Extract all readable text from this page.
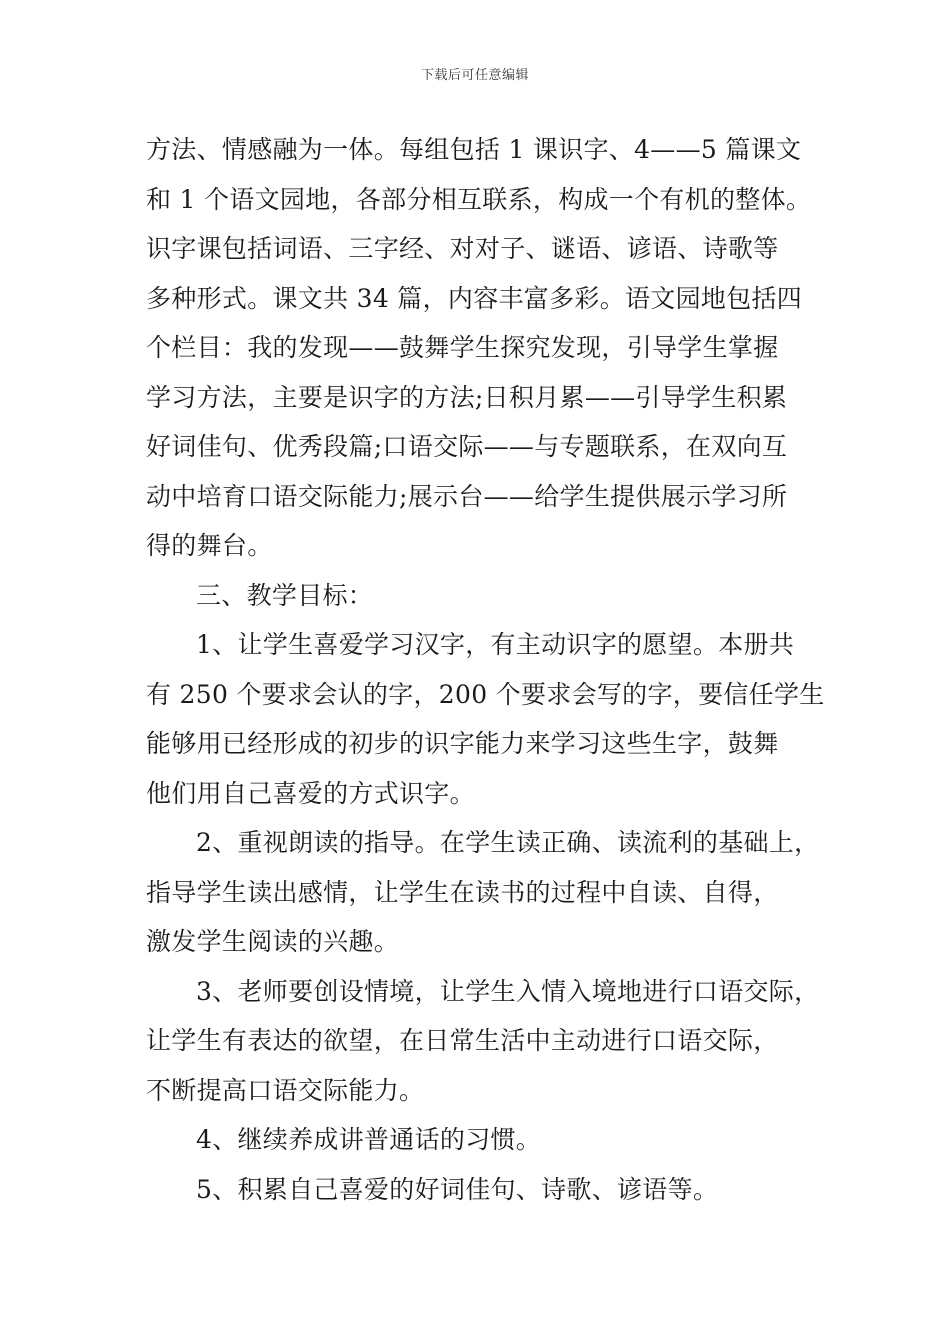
下载后可任意编辑
方法、情感融为一体。每组包括 1 课识字、4——5 篇课文
和 1 个语文园地，各部分相互联系，构成一个有机的整体。
识字课包括词语、三字经、对对子、谜语、谚语、诗歌等
多种形式。课文共 34 篇，内容丰富多彩。语文园地包括四
个栏目：我的发现——鼓舞学生探究发现，引导学生掌握
学习方法，主要是识字的方法;日积月累——引导学生积累
好词佳句、优秀段篇;口语交际——与专题联系，在双向互
动中培育口语交际能力;展示台——给学生提供展示学习所
得的舞台。
三、教学目标：
1、让学生喜爱学习汉字，有主动识字的愿望。本册共
有 250 个要求会认的字，200 个要求会写的字，要信任学生
能够用已经形成的初步的识字能力来学习这些生字，鼓舞
他们用自己喜爱的方式识字。
2、重视朗读的指导。在学生读正确、读流利的基础上，
指导学生读出感情，让学生在读书的过程中自读、自得，
激发学生阅读的兴趣。
3、老师要创设情境，让学生入情入境地进行口语交际，
让学生有表达的欲望，在日常生活中主动进行口语交际，
不断提高口语交际能力。
4、继续养成讲普通话的习惯。
5、积累自己喜爱的好词佳句、诗歌、谚语等。
